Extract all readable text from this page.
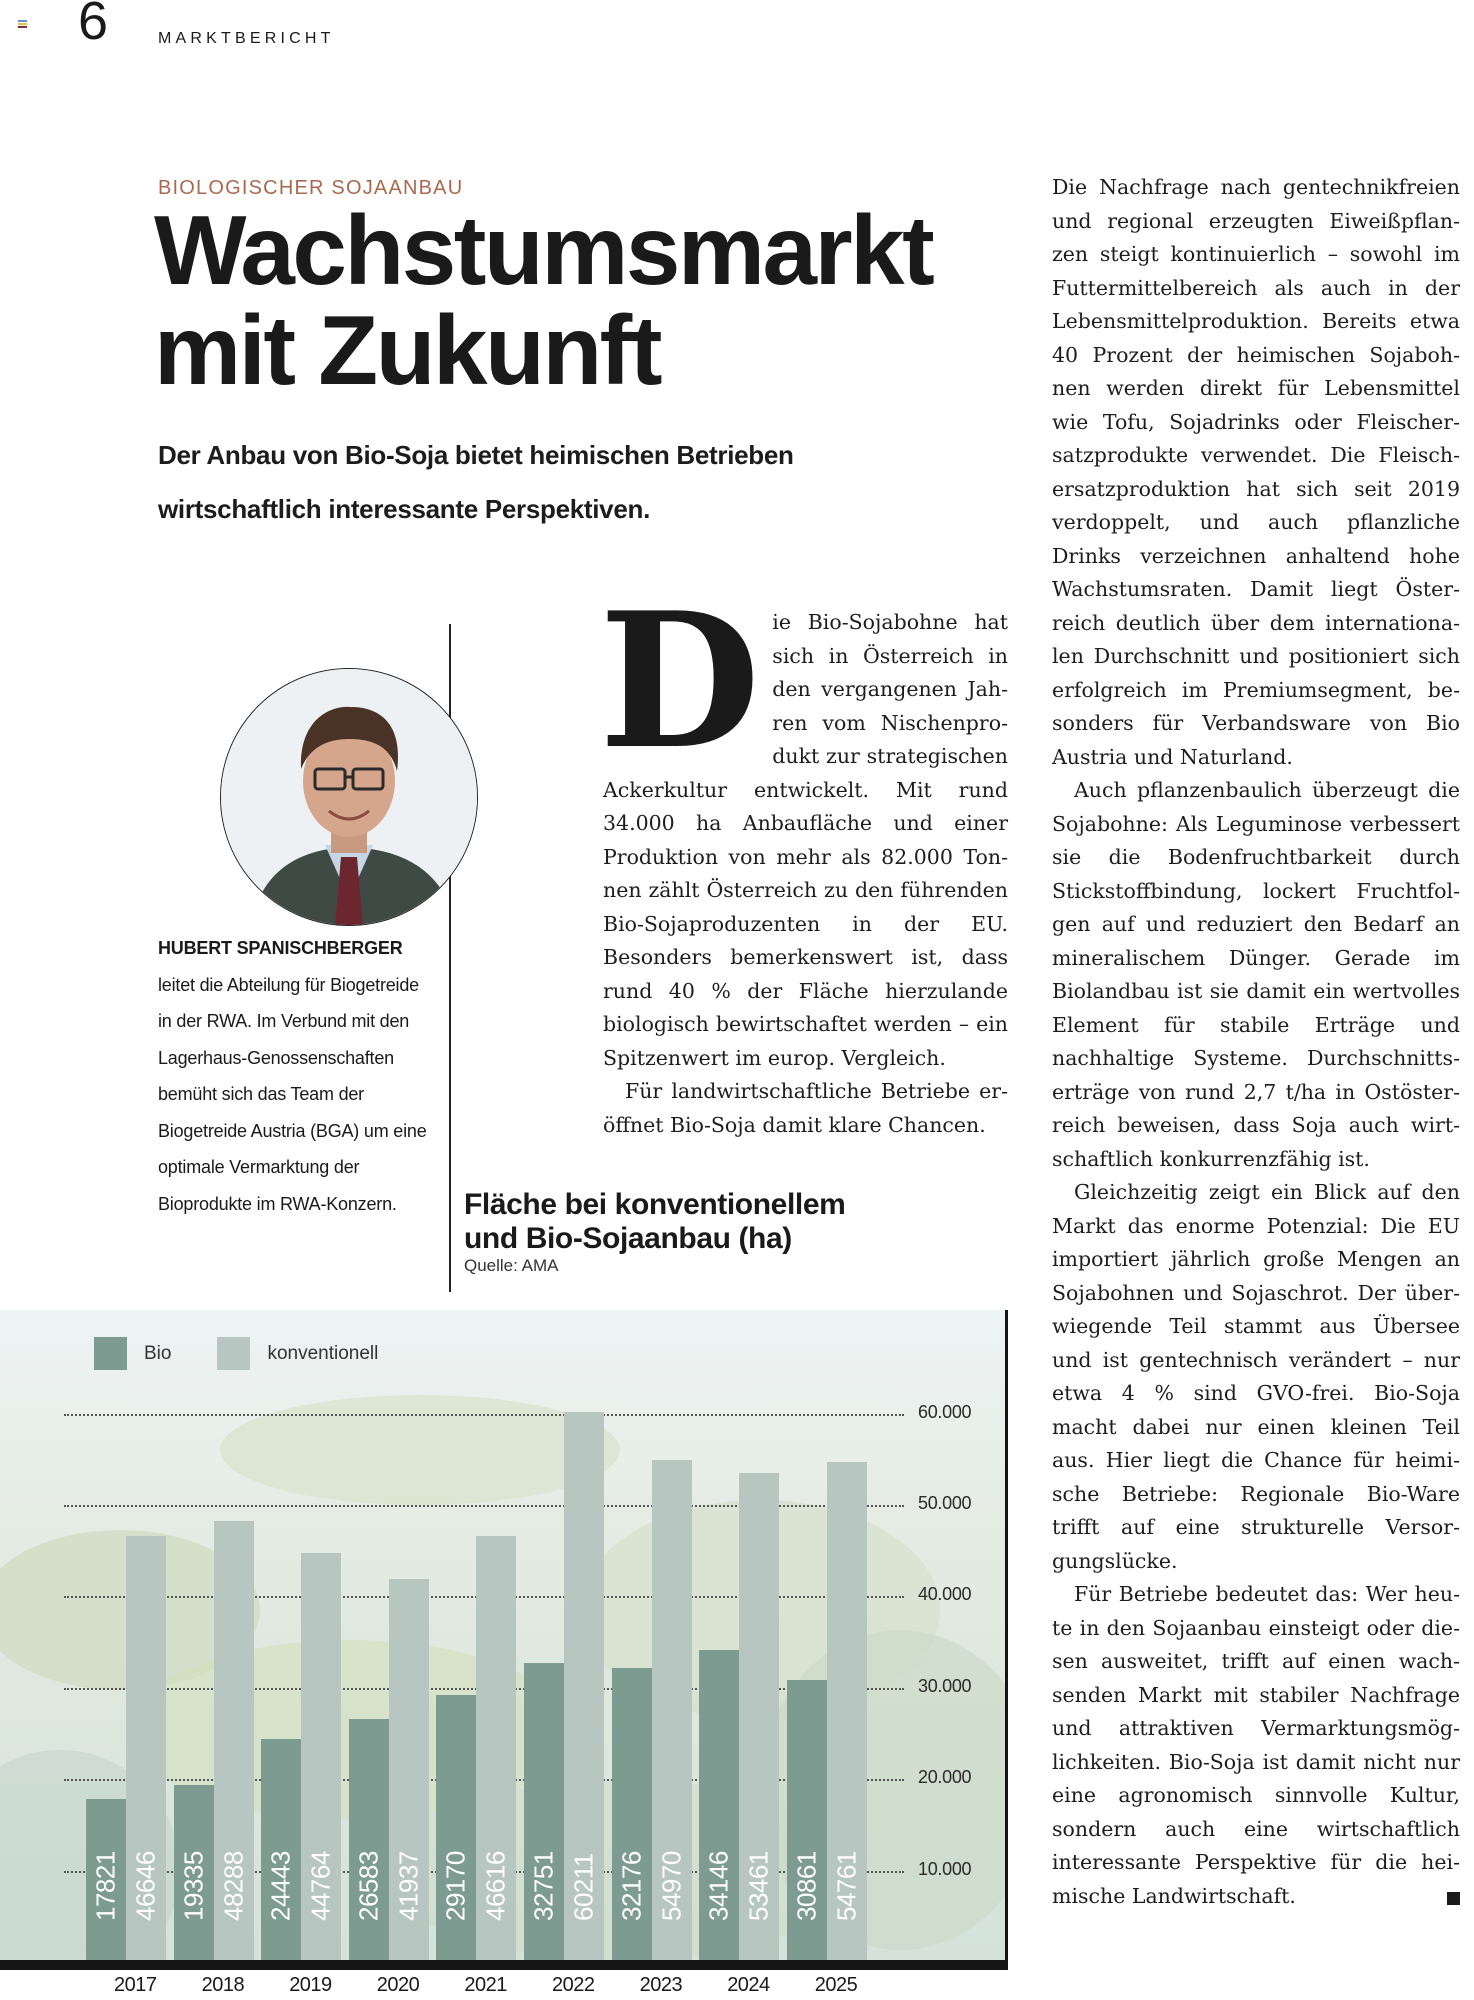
6	MARKTBERICHT
BIOLOGISCHER SOJAANBAU
Wachstumsmarkt
mit Zukunft
Der Anbau von Bio-Soja bietet heimischen Betrieben
wirtschaftlich interessante Perspektiven.
HUBERT SPANISCHBERGER
leitet die Abteilung für Biogetreide in der RWA. Im Verbund mit den Lagerhaus-Genossenschaften bemüht sich das Team der Biogetreide Austria (BGA) um eine optimale Vermarktung der Bioprodukte im RWA-Konzern.

Die Bio-Sojabohne hat sich in Österreich in den vergangenen Jahren vom Nischenprodukt zur strategischen Ackerkultur entwickelt. Mit rund 34.000 ha Anbaufläche und einer Produktion von mehr als 82.000 Tonnen zählt Österreich zu den führenden Bio-Sojaproduzenten in der EU. Besonders bemerkenswert ist, dass rund 40 % der Fläche hierzulande biologisch bewirtschaftet werden – ein Spitzenwert im europ. Vergleich.

Für landwirtschaftliche Betriebe eröffnet Bio-Soja damit klare Chancen.

Die Nachfrage nach gentechnikfreien und regional erzeugten Eiweißpflanzen steigt kontinuierlich – sowohl im Futtermittelbereich als auch in der Lebensmittelproduktion. Bereits etwa 40 Prozent der heimischen Sojabohnen werden direkt für Lebensmittel wie Tofu, Sojadrinks oder Fleischersatzprodukte verwendet. Die Fleischersatzproduktion hat sich seit 2019 verdoppelt, und auch pflanzliche Drinks verzeichnen anhaltend hohe Wachstumsraten. Damit liegt Österreich deutlich über dem internationalen Durchschnitt und positioniert sich erfolgreich im Premiumsegment, besonders für Verbandsware von Bio Austria und Naturland.

Auch pflanzenbaulich überzeugt die Sojabohne: Als Leguminose verbessert sie die Bodenfruchtbarkeit durch Stickstoffbindung, lockert Fruchtfolgen auf und reduziert den Bedarf an mineralischem Dünger. Gerade im Biolandbau ist sie damit ein wertvolles Element für stabile Erträge und nachhaltige Systeme. Durchschnittserträge von rund 2,7 t/ha in Ostösterreich beweisen, dass Soja auch wirtschaftlich konkurrenzfähig ist.

Gleichzeitig zeigt ein Blick auf den Markt das enorme Potenzial: Die EU importiert jährlich große Mengen an Sojabohnen und Sojaschrot. Der überwiegende Teil stammt aus Übersee und ist gentechnisch verändert – nur etwa 4 % sind GVO-frei. Bio-Soja macht dabei nur einen kleinen Teil aus. Hier liegt die Chance für heimische Betriebe: Regionale Bio-Ware trifft auf eine strukturelle Versorgungslücke.

Für Betriebe bedeutet das: Wer heute in den Sojaanbau einsteigt oder diesen ausweitet, trifft auf einen wachsenden Markt mit stabiler Nachfrage und attraktiven Vermarktungsmöglichkeiten. Bio-Soja ist damit nicht nur eine agronomisch sinnvolle Kultur, sondern auch eine wirtschaftlich interessante Perspektive für die heimische Landwirtschaft.

Fläche bei konventionellem
und Bio-Sojaanbau (ha)
Quelle: AMA
Bio	konventionell
10.000
20.000
30.000
40.000
50.000
60.000
17821 46646 19335 48288 24443 44764 26583 41937 29170 46616 32751 60211 32176 54970 34146 53461 30861 54761
2017 2018 2019 2020 2021 2022 2023 2024 2025
